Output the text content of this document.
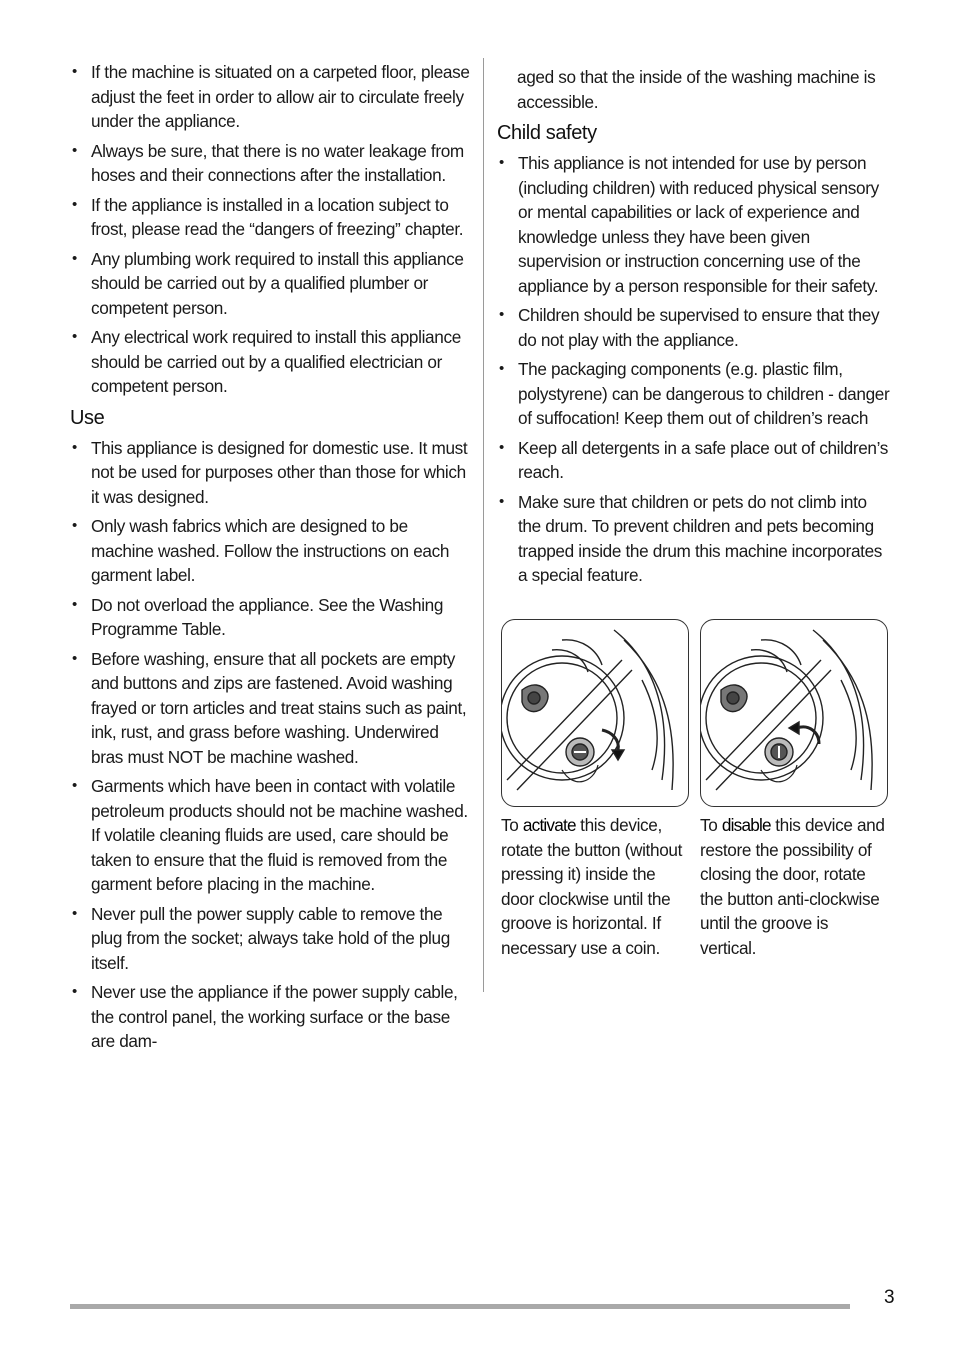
• If the machine is situated on a carpeted floor, please adjust the feet in order to allow air to circulate freely under the appliance.
• Always be sure, that there is no water leakage from hoses and their connections after the installation.
• If the appliance is installed in a location subject to frost, please read the “dangers of freezing” chapter.
• Any plumbing work required to install this appliance should be carried out by a qualified plumber or competent person.
• Any electrical work required to install this appliance should be carried out by a qualified electrician or competent person.
Use
• This appliance is designed for domestic use. It must not be used for purposes other than those for which it was designed.
• Only wash fabrics which are designed to be machine washed. Follow the instructions on each garment label.
• Do not overload the appliance. See the Washing Programme Table.
• Before washing, ensure that all pockets are empty and buttons and zips are fastened. Avoid washing frayed or torn articles and treat stains such as paint, ink, rust, and grass before washing. Underwired bras must NOT be machine washed.
• Garments which have been in contact with volatile petroleum products should not be machine washed. If volatile cleaning fluids are used, care should be taken to ensure that the fluid is removed from the garment before placing in the machine.
• Never pull the power supply cable to remove the plug from the socket; always take hold of the plug itself.
• Never use the appliance if the power supply cable, the control panel, the working surface or the base are dam-
aged so that the inside of the washing machine is accessible.
Child safety
• This appliance is not intended for use by person (including children) with reduced physical sensory or mental capabilities or lack of experience and knowledge unless they have been given supervision or instruction concerning use of the appliance by a person responsible for their safety.
• Children should be supervised to ensure that they do not play with the appliance.
• The packaging components (e.g. plastic film, polystyrene) can be dangerous to children - danger of suffocation! Keep them out of children’s reach
• Keep all detergents in a safe place out of children’s reach.
• Make sure that children or pets do not climb into the drum. To prevent children and pets becoming trapped inside the drum this machine incorporates a special feature.
To activate this device, rotate the button (without pressing it) inside the door clockwise until the groove is horizontal. If necessary use a coin.
To disable this device and restore the possibility of closing the door, rotate the button anti-clockwise until the groove is vertical.
3
